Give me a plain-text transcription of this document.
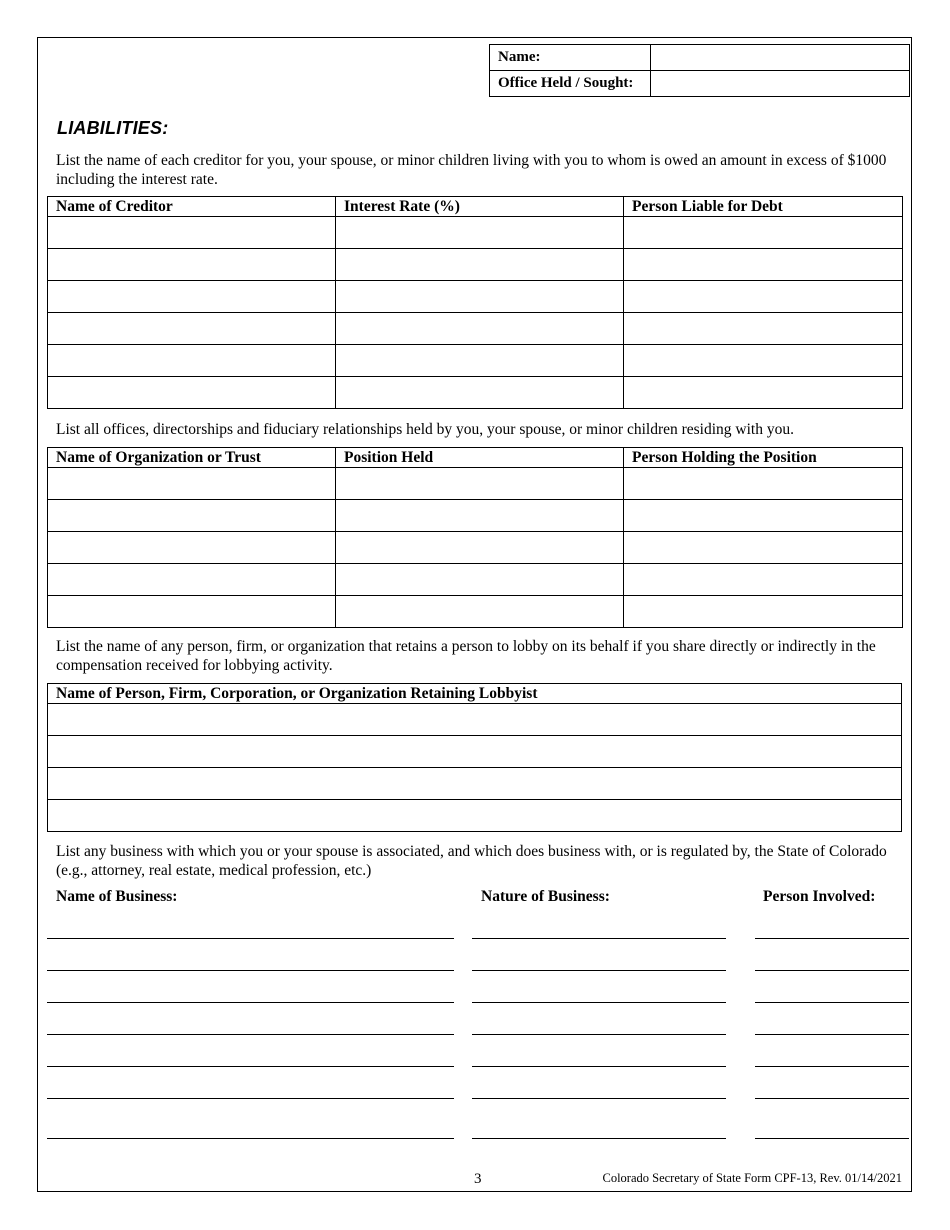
Name:	
Office Held / Sought:	
LIABILITIES:
List the name of each creditor for you, your spouse, or minor children living with you to whom is owed an amount in excess of $1000 including the interest rate.
Name of Creditor	Interest Rate (%)	Person Liable for Debt

List all offices, directorships and fiduciary relationships held by you, your spouse, or minor children residing with you.
Name of Organization or Trust	Position Held	Person Holding the Position

List the name of any person, firm, or organization that retains a person to lobby on its behalf if you share directly or indirectly in the compensation received for lobbying activity.
Name of Person, Firm, Corporation, or Organization Retaining Lobbyist

List any business with which you or your spouse is associated, and which does business with, or is regulated by, the State of Colorado (e.g., attorney, real estate, medical profession, etc.)
Name of Business:	Nature of Business:	Person Involved:
3	Colorado Secretary of State Form CPF-13, Rev. 01/14/2021
